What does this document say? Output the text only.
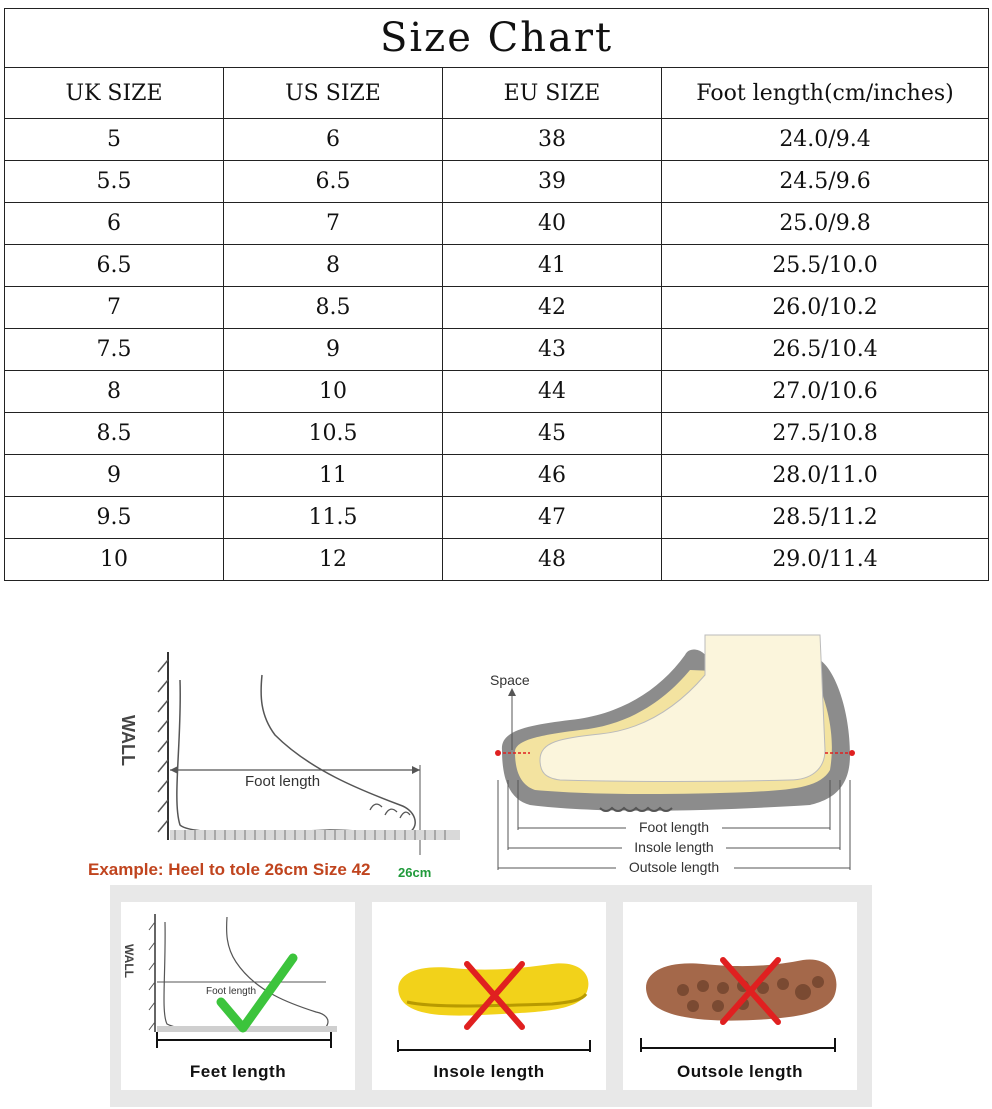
Size Chart			
UK SIZE	US SIZE	EU SIZE	Foot length(cm/inches)
5	6	38	24.0/9.4
5.5	6.5	39	24.5/9.6
6	7	40	25.0/9.8
6.5	8	41	25.5/10.0
7	8.5	42	26.0/10.2
7.5	9	43	26.5/10.4
8	10	44	27.0/10.6
8.5	10.5	45	27.5/10.8
9	11	46	28.0/11.0
9.5	11.5	47	28.5/11.2
10	12	48	29.0/11.4
WALL
Foot length
26cm
Example: Heel to tole 26cm Size 42
Space
Foot length
Insole length
Outsole length
WALL
Foot length
Feet length	Insole length	Outsole length
